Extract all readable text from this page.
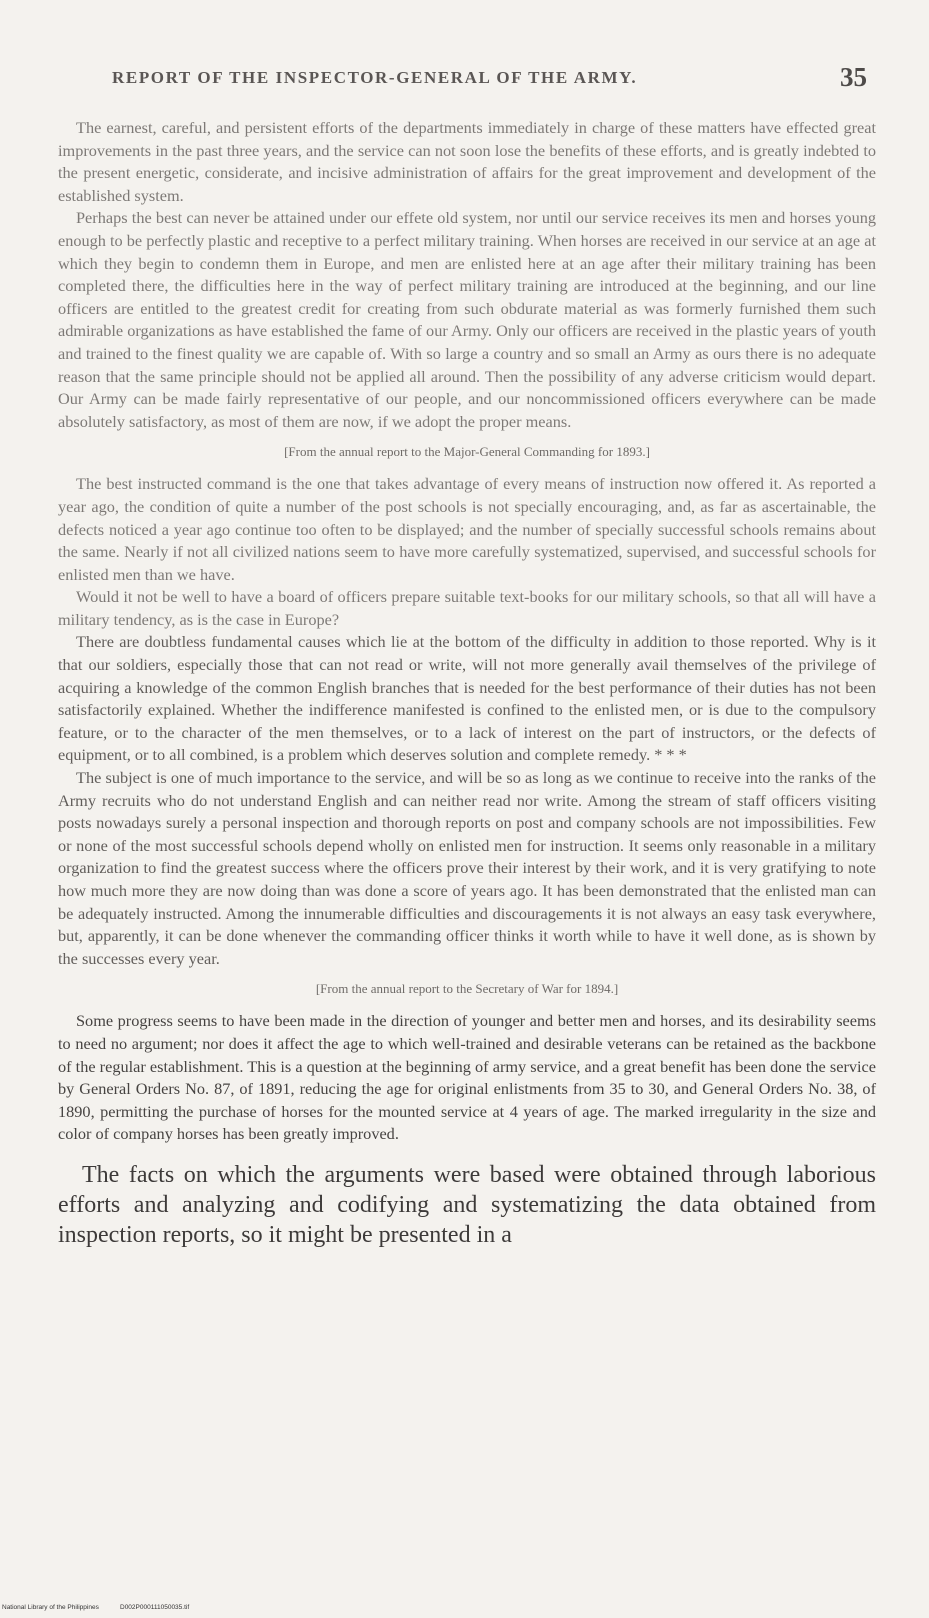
REPORT OF THE INSPECTOR-GENERAL OF THE ARMY.	35

The earnest, careful, and persistent efforts of the departments immediately in charge of these matters have effected great improvements in the past three years, and the service can not soon lose the benefits of these efforts, and is greatly indebted to the present energetic, considerate, and incisive administration of affairs for the great improvement and development of the established system.

Perhaps the best can never be attained under our effete old system, nor until our service receives its men and horses young enough to be perfectly plastic and receptive to a perfect military training. When horses are received in our service at an age at which they begin to condemn them in Europe, and men are enlisted here at an age after their military training has been completed there, the difficulties here in the way of perfect military training are introduced at the beginning, and our line officers are entitled to the greatest credit for creating from such obdurate material as was formerly furnished them such admirable organizations as have established the fame of our Army. Only our officers are received in the plastic years of youth and trained to the finest quality we are capable of. With so large a country and so small an Army as ours there is no adequate reason that the same principle should not be applied all around. Then the possibility of any adverse criticism would depart. Our Army can be made fairly representative of our people, and our noncommissioned officers everywhere can be made absolutely satisfactory, as most of them are now, if we adopt the proper means.

[From the annual report to the Major-General Commanding for 1893.]

The best instructed command is the one that takes advantage of every means of instruction now offered it. As reported a year ago, the condition of quite a number of the post schools is not specially encouraging, and, as far as ascertainable, the defects noticed a year ago continue too often to be displayed; and the number of specially successful schools remains about the same. Nearly if not all civilized nations seem to have more carefully systematized, supervised, and successful schools for enlisted men than we have.

Would it not be well to have a board of officers prepare suitable text-books for our military schools, so that all will have a military tendency, as is the case in Europe?

There are doubtless fundamental causes which lie at the bottom of the difficulty in addition to those reported. Why is it that our soldiers, especially those that can not read or write, will not more generally avail themselves of the privilege of acquiring a knowledge of the common English branches that is needed for the best performance of their duties has not been satisfactorily explained. Whether the indifference manifested is confined to the enlisted men, or is due to the compulsory feature, or to the character of the men themselves, or to a lack of interest on the part of instructors, or the defects of equipment, or to all combined, is a problem which deserves solution and complete remedy. * * *

The subject is one of much importance to the service, and will be so as long as we continue to receive into the ranks of the Army recruits who do not understand English and can neither read nor write. Among the stream of staff officers visiting posts nowadays surely a personal inspection and thorough reports on post and company schools are not impossibilities. Few or none of the most successful schools depend wholly on enlisted men for instruction. It seems only reasonable in a military organization to find the greatest success where the officers prove their interest by their work, and it is very gratifying to note how much more they are now doing than was done a score of years ago. It has been demonstrated that the enlisted man can be adequately instructed. Among the innumerable difficulties and discouragements it is not always an easy task everywhere, but, apparently, it can be done whenever the commanding officer thinks it worth while to have it well done, as is shown by the successes every year.

[From the annual report to the Secretary of War for 1894.]

Some progress seems to have been made in the direction of younger and better men and horses, and its desirability seems to need no argument; nor does it affect the age to which well-trained and desirable veterans can be retained as the backbone of the regular establishment. This is a question at the beginning of army service, and a great benefit has been done the service by General Orders No. 87, of 1891, reducing the age for original enlistments from 35 to 30, and General Orders No. 38, of 1890, permitting the purchase of horses for the mounted service at 4 years of age. The marked irregularity in the size and color of company horses has been greatly improved.

The facts on which the arguments were based were obtained through laborious efforts and analyzing and codifying and systematizing the data obtained from inspection reports, so it might be presented in a

National Library of the Philippines	D002P000111050035.tif
